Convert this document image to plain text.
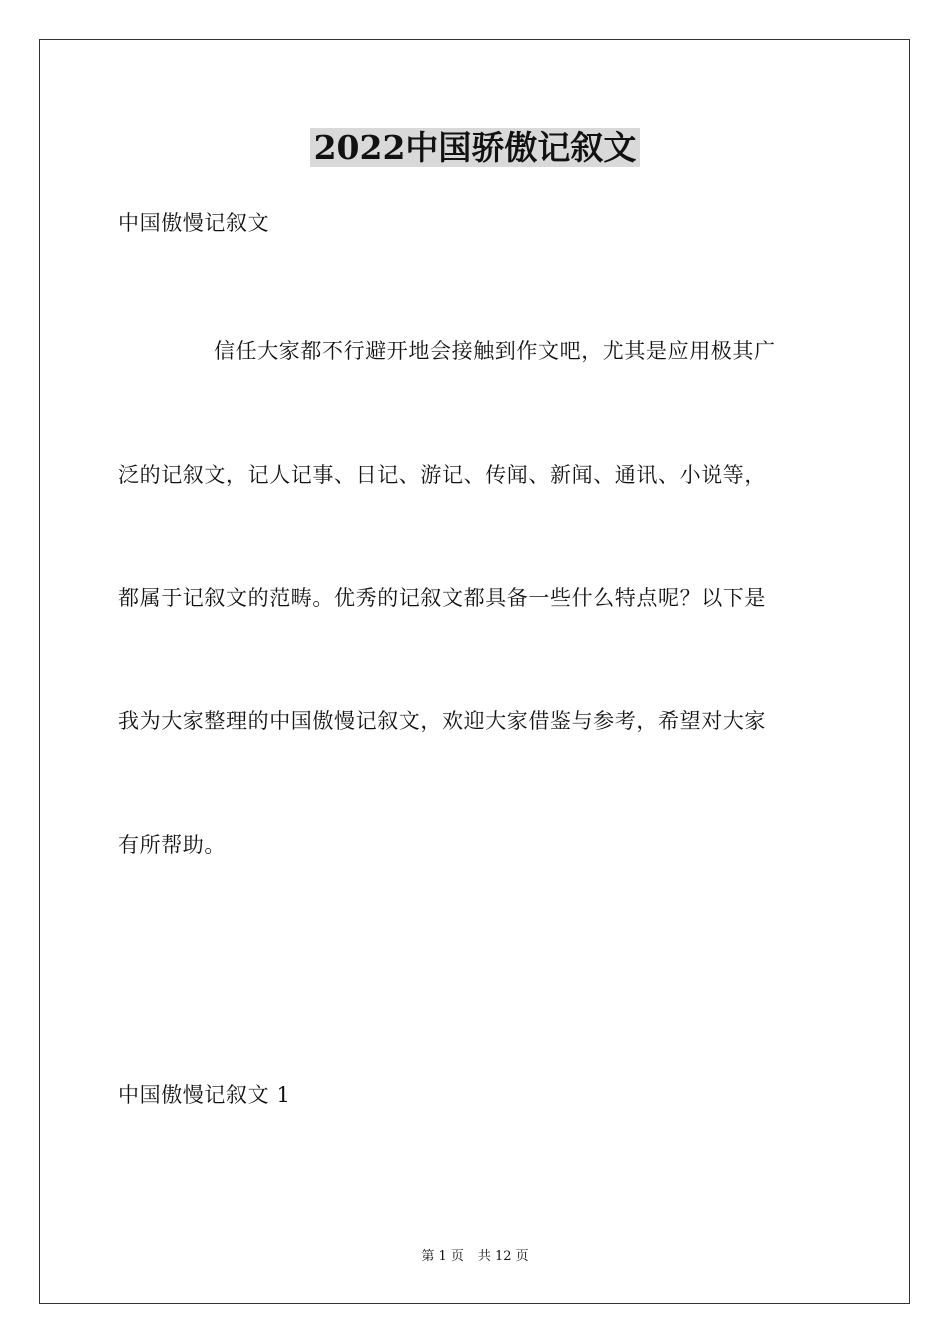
2022中国骄傲记叙文
中国傲慢记叙文
信任大家都不行避开地会接触到作文吧，尤其是应用极其广
泛的记叙文，记人记事、日记、游记、传闻、新闻、通讯、小说等，
都属于记叙文的范畴。优秀的记叙文都具备一些什么特点呢？以下是
我为大家整理的中国傲慢记叙文，欢迎大家借鉴与参考，希望对大家
有所帮助。
中国傲慢记叙文 1
第 1 页 共 12 页
